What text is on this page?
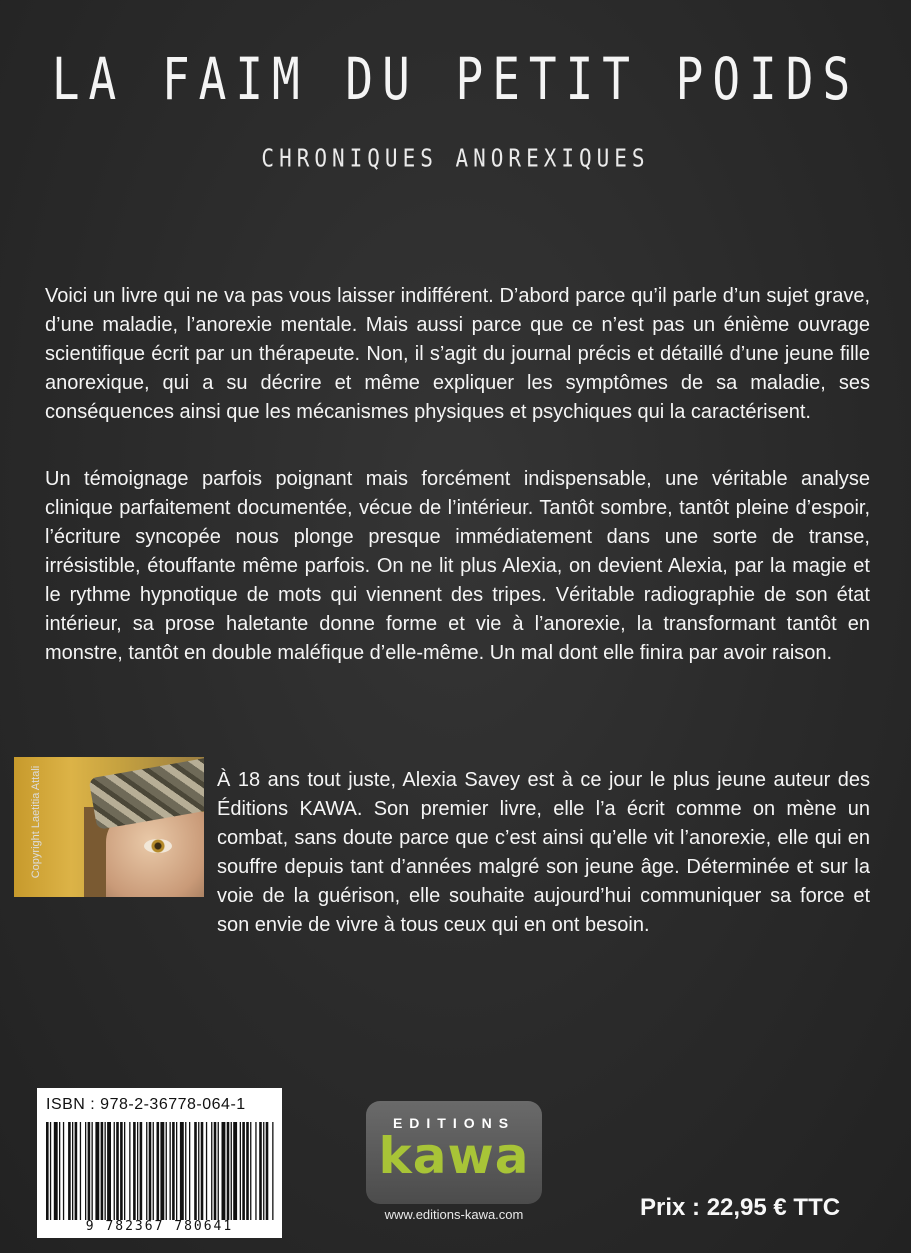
LA FAIM DU PETIT POIDS
CHRONIQUES ANOREXIQUES

Voici un livre qui ne va pas vous laisser indifférent. D’abord parce qu’il parle d’un sujet grave, d’une maladie, l’anorexie mentale. Mais aussi parce que ce n’est pas un énième ouvrage scientifique écrit par un thérapeute. Non, il s’agit du journal précis et détaillé d’une jeune fille anorexique, qui a su décrire et même expliquer les symptômes de sa maladie, ses conséquences ainsi que les mécanismes physiques et psychiques qui la caractérisent.

Un témoignage parfois poignant mais forcément indispensable, une véritable analyse clinique parfaitement documentée, vécue de l’intérieur. Tantôt sombre, tantôt pleine d’espoir, l’écriture syncopée nous plonge presque immédiatement dans une sorte de transe, irrésistible, étouffante même parfois. On ne lit plus Alexia, on devient Alexia, par la magie et le rythme hypnotique de mots qui viennent des tripes. Véritable radiographie de son état intérieur, sa prose haletante donne forme et vie à l’anorexie, la transformant tantôt en monstre, tantôt en double maléfique d’elle-même. Un mal dont elle finira par avoir raison.

Copyright Laetitia Attali	À 18 ans tout juste, Alexia Savey est à ce jour le plus jeune auteur des Éditions KAWA. Son premier livre, elle l’a écrit comme on mène un combat, sans doute parce que c’est ainsi qu’elle vit l’anorexie, elle qui en souffre depuis tant d’années malgré son jeune âge. Déterminée et sur la voie de la guérison, elle souhaite aujourd’hui communiquer sa force et son envie de vivre à tous ceux qui en ont besoin.

ISBN : 978-2-36778-064-1
9 782367 780641
EDITIONS
kawa
www.editions-kawa.com	Prix : 22,95 € TTC
